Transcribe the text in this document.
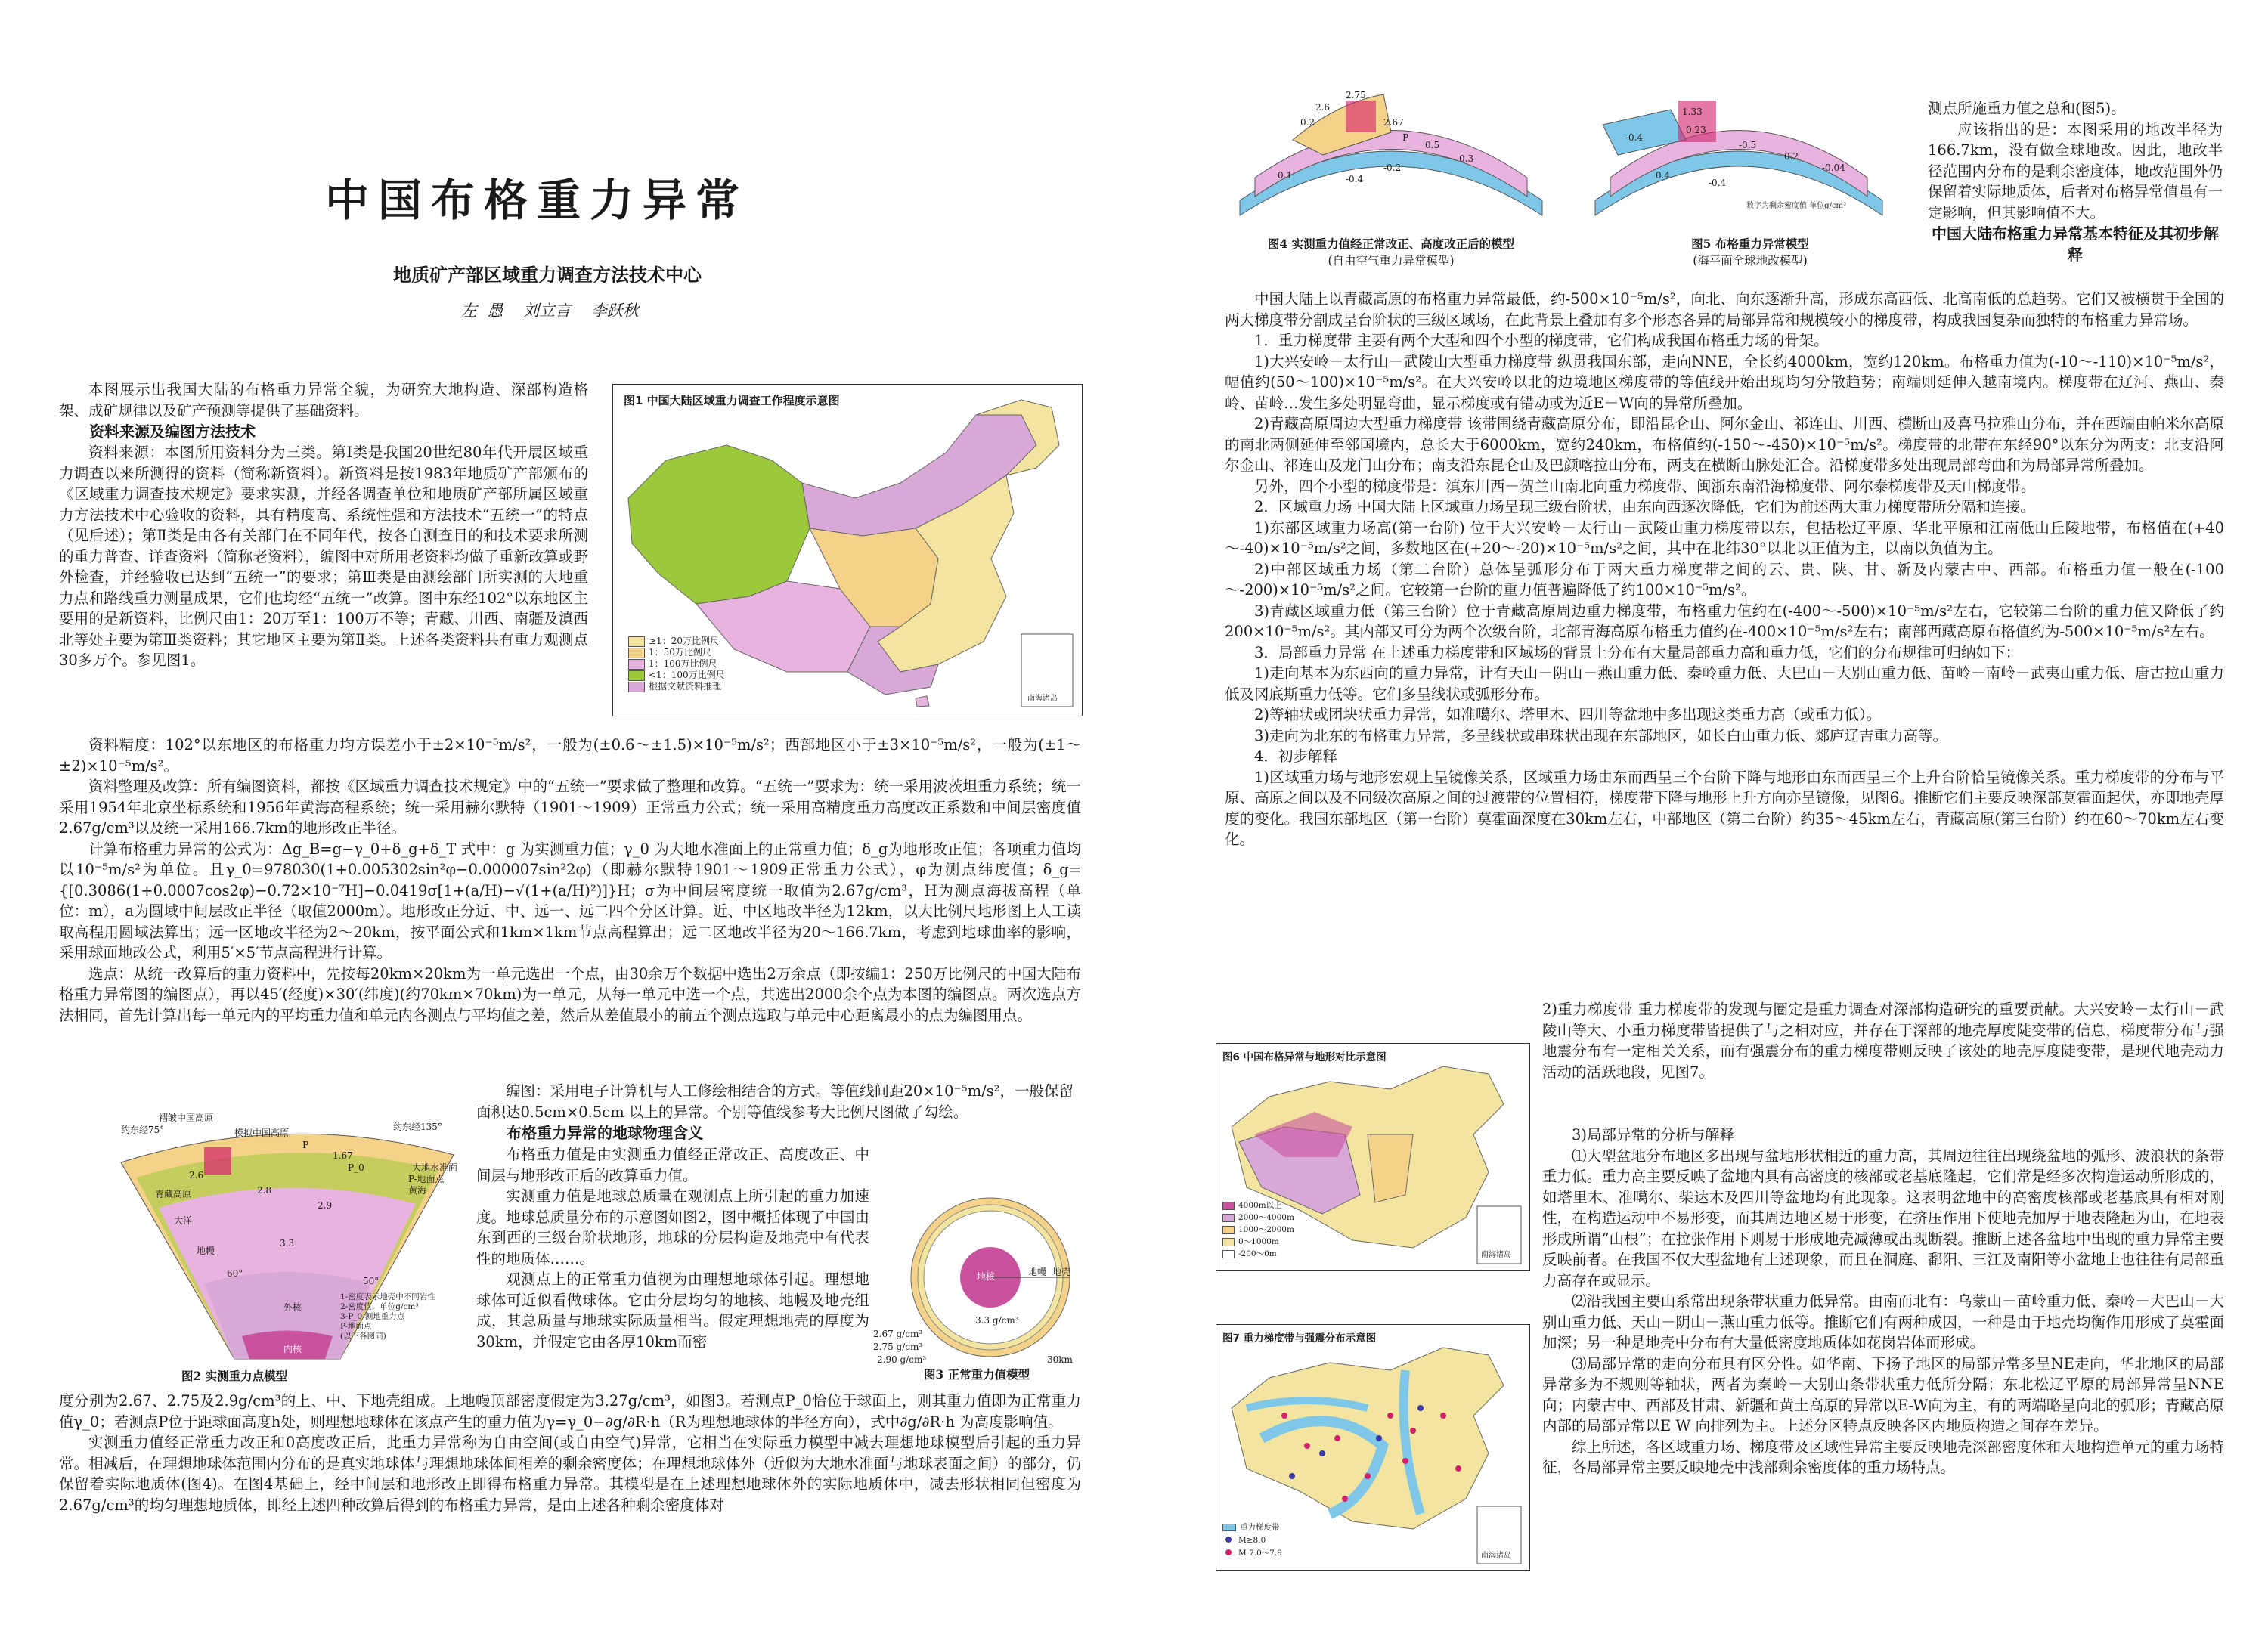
中国布格重力异常
地质矿产部区域重力调查方法技术中心
左  愚    刘立言    李跃秋

本图展示出我国大陆的布格重力异常全貌，为研究大地构造、深部构造格架、成矿规律以及矿产预测等提供了基础资料。

资料来源及编图方法技术

资料来源：本图所用资料分为三类。第Ⅰ类是我国20世纪80年代开展区域重力调查以来所测得的资料（简称新资料）。新资料是按1983年地质矿产部颁布的《区域重力调查技术规定》要求实测，并经各调查单位和地质矿产部所属区域重力方法技术中心验收的资料，具有精度高、系统性强和方法技术“五统一”的特点（见后述）；第Ⅱ类是由各有关部门在不同年代，按各自测查目的和技术要求所测的重力普查、详查资料（简称老资料），编图中对所用老资料均做了重新改算或野外检查，并经验收已达到“五统一”的要求；第Ⅲ类是由测绘部门所实测的大地重力点和路线重力测量成果，它们也均经“五统一”改算。图中东经102°以东地区主要用的是新资料，比例尺由1：20万至1：100万不等；青藏、川西、南疆及滇西北等处主要为第Ⅲ类资料；其它地区主要为第Ⅱ类。上述各类资料共有重力观测点30多万个。参见图1。

图1 中国大陆区域重力调查工作程度示意图
南海诸岛
≥1：20万比例尺
1：50万比例尺
1：100万比例尺
<1：100万比例尺
根据文献资料推理

资料精度：102°以东地区的布格重力均方误差小于±2×10⁻⁵m/s²，一般为(±0.6～±1.5)×10⁻⁵m/s²；西部地区小于±3×10⁻⁵m/s²，一般为(±1～±2)×10⁻⁵m/s²。

资料整理及改算：所有编图资料，都按《区域重力调查技术规定》中的“五统一”要求做了整理和改算。“五统一”要求为：统一采用波茨坦重力系统；统一采用1954年北京坐标系统和1956年黄海高程系统；统一采用赫尔默特（1901～1909）正常重力公式；统一采用高精度重力高度改正系数和中间层密度值2.67g/cm³以及统一采用166.7km的地形改正半径。

计算布格重力异常的公式为：Δg_B=g−γ_0+δ_g+δ_T 式中：g 为实测重力值；γ_0 为大地水准面上的正常重力值；δ_g为地形改正值；各项重力值均以10⁻⁵m/s²为单位。且γ_0=978030(1+0.005302sin²φ−0.000007sin²2φ)（即赫尔默特1901～1909正常重力公式），φ为测点纬度值；δ_g={[0.3086(1+0.0007cos2φ)−0.72×10⁻⁷H]−0.0419σ[1+(a/H)−√(1+(a/H)²)]}H；σ为中间层密度统一取值为2.67g/cm³，H为测点海拔高程（单位：m），a为圆域中间层改正半径（取值2000m）。地形改正分近、中、远一、远二四个分区计算。近、中区地改半径为12km，以大比例尺地形图上人工读取高程用圆域法算出；远一区地改半径为2～20km，按平面公式和1km×1km节点高程算出；远二区地改半径为20～166.7km，考虑到地球曲率的影响，采用球面地改公式，利用5′×5′节点高程进行计算。

选点：从统一改算后的重力资料中，先按每20km×20km为一单元选出一个点，由30余万个数据中选出2万余点（即按编1：250万比例尺的中国大陆布格重力异常图的编图点），再以45′(经度)×30′(纬度)(约70km×70km)为一单元，从每一单元中选一个点，共选出2000余个点为本图的编图点。两次选点方法相同，首先计算出每一单元内的平均重力值和单元内各测点与平均值之差，然后从差值最小的前五个测点选取与单元中心距离最小的点为编图用点。

约东经75°	约东经135°
褶皱中国高原
模拟中国高原
P
1.67
P_0
2.6
2.8
2.9
3.3
地幔
外核
内核
大洋
50°
60°
青藏高原	黄海
大地水准面
P-地面点
1-密度表示地壳中不同岩性
2-密度值，单位g/cm³
3-P_0-测地重力点
P-地面点
(以下各图同)
图2 实测重力点模型

编图：采用电子计算机与人工修绘相结合的方式。等值线间距20×10⁻⁵m/s²，一般保留面积达0.5cm×0.5cm 以上的异常。个别等值线参考大比例尺图做了勾绘。

布格重力异常的地球物理含义

布格重力值是由实测重力值经正常改正、高度改正、中间层与地形改正后的改算重力值。

实测重力值是地球总质量在观测点上所引起的重力加速度。地球总质量分布的示意图如图2，图中概括体现了中国由东到西的三级台阶状地形，地球的分层构造及地壳中有代表性的地质体……。

观测点上的正常重力值视为由理想地球体引起。理想地球体可近似看做球体。它由分层均匀的地核、地幔及地壳组成，其总质量与地球实际质量相当。假定理想地壳的厚度为30km，并假定它由各厚10km而密

地核	地幔 地壳
3.3 g/cm³
2.67 g/cm³
2.75 g/cm³
2.90 g/cm³	30km
图3 正常重力值模型

度分别为2.67、2.75及2.9g/cm³的上、中、下地壳组成。上地幔顶部密度假定为3.27g/cm³，如图3。若测点P_0恰位于球面上，则其重力值即为正常重力值γ_0；若测点P位于距球面高度h处，则理想地球体在该点产生的重力值为γ=γ_0−∂g/∂R·h（R为理想地球体的半径方向），式中∂g/∂R·h 为高度影响值。

实测重力值经正常重力改正和0高度改正后，此重力异常称为自由空间(或自由空气)异常，它相当在实际重力模型中减去理想地球模型后引起的重力异常。相减后，在理想地球体范围内分布的是真实地球体与理想地球体间相差的剩余密度体；在理想地球体外（近似为大地水准面与地球表面之间）的部分，仍保留着实际地质体(图4)。在图4基础上，经中间层和地形改正即得布格重力异常。其模型是在上述理想地球体外的实际地质体中，减去形状相同但密度为2.67g/cm³的均匀理想地质体，即经上述四种改算后得到的布格重力异常，是由上述各种剩余密度体对

2.75
2.6
0.2	2.67
P
0.5
0.3
-0.2
-0.4
0.1
图4 实测重力值经正常改正、高度改正后的模型
(自由空气重力异常模型)
1.33
0.23
-0.4
-0.5
0.2
-0.04
0.4
-0.4
数字为剩余密度值 单位g/cm³
图5 布格重力异常模型
(海平面全球地改模型)

测点所施重力值之总和(图5)。

应该指出的是：本图采用的地改半径为166.7km，没有做全球地改。因此，地改半径范围内分布的是剩余密度体，地改范围外仍保留着实际地质体，后者对布格异常值虽有一定影响，但其影响值不大。

中国大陆布格重力异常基本特征及其初步解释

中国大陆上以青藏高原的布格重力异常最低，约-500×10⁻⁵m/s²，向北、向东逐渐升高，形成东高西低、北高南低的总趋势。它们又被横贯于全国的两大梯度带分割成呈台阶状的三级区域场，在此背景上叠加有多个形态各异的局部异常和规模较小的梯度带，构成我国复杂而独特的布格重力异常场。

1．重力梯度带 主要有两个大型和四个小型的梯度带，它们构成我国布格重力场的骨架。

1)大兴安岭－太行山－武陵山大型重力梯度带 纵贯我国东部，走向NNE，全长约4000km，宽约120km。布格重力值为(-10～-110)×10⁻⁵m/s²，幅值约(50～100)×10⁻⁵m/s²。在大兴安岭以北的边境地区梯度带的等值线开始出现均匀分散趋势；南端则延伸入越南境内。梯度带在辽河、燕山、秦岭、苗岭…发生多处明显弯曲，显示梯度或有错动或为近E－W向的异常所叠加。

2)青藏高原周边大型重力梯度带 该带围绕青藏高原分布，即沿昆仑山、阿尔金山、祁连山、川西、横断山及喜马拉雅山分布，并在西端由帕米尔高原的南北两侧延伸至邻国境内，总长大于6000km，宽约240km，布格值约(-150～-450)×10⁻⁵m/s²。梯度带的北带在东经90°以东分为两支：北支沿阿尔金山、祁连山及龙门山分布；南支沿东昆仑山及巴颜喀拉山分布，两支在横断山脉处汇合。沿梯度带多处出现局部弯曲和为局部异常所叠加。

另外，四个小型的梯度带是：滇东川西－贺兰山南北向重力梯度带、闽浙东南沿海梯度带、阿尔泰梯度带及天山梯度带。

2．区域重力场 中国大陆上区域重力场呈现三级台阶状，由东向西逐次降低，它们为前述两大重力梯度带所分隔和连接。

1)东部区域重力场高(第一台阶) 位于大兴安岭－太行山－武陵山重力梯度带以东，包括松辽平原、华北平原和江南低山丘陵地带，布格值在(+40～-40)×10⁻⁵m/s²之间，多数地区在(+20～-20)×10⁻⁵m/s²之间，其中在北纬30°以北以正值为主，以南以负值为主。

2)中部区域重力场（第二台阶）总体呈弧形分布于两大重力梯度带之间的云、贵、陕、甘、新及内蒙古中、西部。布格重力值一般在(-100～-200)×10⁻⁵m/s²之间。它较第一台阶的重力值普遍降低了约100×10⁻⁵m/s²。

3)青藏区域重力低（第三台阶）位于青藏高原周边重力梯度带，布格重力值约在(-400～-500)×10⁻⁵m/s²左右，它较第二台阶的重力值又降低了约200×10⁻⁵m/s²。其内部又可分为两个次级台阶，北部青海高原布格重力值约在-400×10⁻⁵m/s²左右；南部西藏高原布格值约为-500×10⁻⁵m/s²左右。

3．局部重力异常 在上述重力梯度带和区域场的背景上分布有大量局部重力高和重力低，它们的分布规律可归纳如下：

1)走向基本为东西向的重力异常，计有天山－阴山－燕山重力低、秦岭重力低、大巴山－大别山重力低、苗岭－南岭－武夷山重力低、唐古拉山重力低及冈底斯重力低等。它们多呈线状或弧形分布。

2)等轴状或团块状重力异常，如准噶尔、塔里木、四川等盆地中多出现这类重力高（或重力低）。

3)走向为北东的布格重力异常，多呈线状或串珠状出现在东部地区，如长白山重力低、郯庐辽吉重力高等。

4．初步解释

1)区域重力场与地形宏观上呈镜像关系，区域重力场由东而西呈三个台阶下降与地形由东而西呈三个上升台阶恰呈镜像关系。重力梯度带的分布与平原、高原之间以及不同级次高原之间的过渡带的位置相符，梯度带下降与地形上升方向亦呈镜像，见图6。推断它们主要反映深部莫霍面起伏，亦即地壳厚度的变化。我国东部地区（第一台阶）莫霍面深度在30km左右，中部地区（第二台阶）约35～45km左右，青藏高原(第三台阶）约在60～70km左右变化。

图6 中国布格异常与地形对比示意图
南海诸岛
4000m以上
2000～4000m
1000～2000m
0～1000m
-200～0m
图7 重力梯度带与强震分布示意图
南海诸岛
重力梯度带
M≥8.0
M 7.0～7.9

2)重力梯度带 重力梯度带的发现与圈定是重力调查对深部构造研究的重要贡献。大兴安岭－太行山－武陵山等大、小重力梯度带皆提供了与之相对应，并存在于深部的地壳厚度陡变带的信息，梯度带分布与强地震分布有一定相关关系，而有强震分布的重力梯度带则反映了该处的地壳厚度陡变带，是现代地壳动力活动的活跃地段，见图7。

3)局部异常的分析与解释

⑴大型盆地分布地区多出现与盆地形状相近的重力高，其周边往往出现绕盆地的弧形、波浪状的条带重力低。重力高主要反映了盆地内具有高密度的核部或老基底隆起，它们常是经多次构造运动所形成的，如塔里木、准噶尔、柴达木及四川等盆地均有此现象。这表明盆地中的高密度核部或老基底具有相对刚性，在构造运动中不易形变，而其周边地区易于形变，在挤压作用下使地壳加厚于地表隆起为山，在地表形成所谓“山根”；在拉张作用下则易于形成地壳减薄或出现断裂。推断上述各盆地中出现的重力异常主要反映前者。在我国不仅大型盆地有上述现象，而且在洞庭、鄱阳、三江及南阳等小盆地上也往往有局部重力高存在或显示。

⑵沿我国主要山系常出现条带状重力低异常。由南而北有：乌蒙山－苗岭重力低、秦岭－大巴山－大别山重力低、天山－阴山－燕山重力低等。推断它们有两种成因，一种是由于地壳均衡作用形成了莫霍面加深；另一种是地壳中分布有大量低密度地质体如花岗岩体而形成。

⑶局部异常的走向分布具有区分性。如华南、下扬子地区的局部异常多呈NE走向，华北地区的局部异常多为不规则等轴状，两者为秦岭－大别山条带状重力低所分隔；东北松辽平原的局部异常呈NNE向；内蒙古中、西部及甘肃、新疆和黄土高原的异常以E-W向为主，有的两端略呈向北的弧形；青藏高原内部的局部异常以E W 向排列为主。上述分区特点反映各区内地质构造之间存在差异。

综上所述，各区域重力场、梯度带及区域性异常主要反映地壳深部密度体和大地构造单元的重力场特征，各局部异常主要反映地壳中浅部剩余密度体的重力场特点。
